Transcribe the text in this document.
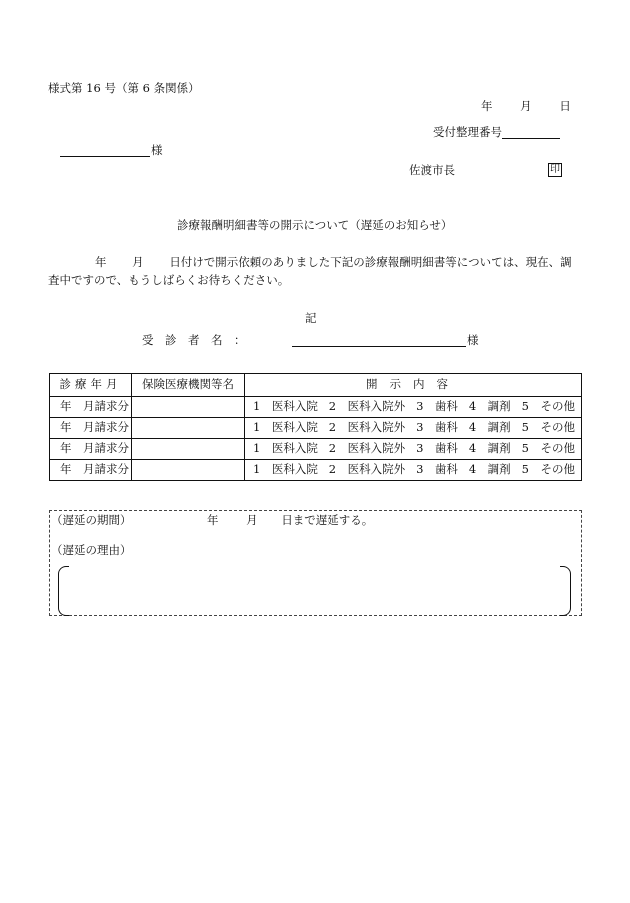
様式第 16 号（第 6 条関係）
年 月 日
受付整理番号
様
佐渡市長	印
診療報酬明細書等の開示について（遅延のお知らせ）
年 月 日付けで開示依頼のありました下記の診療報酬明細書等については、現在、調
査中ですので、もうしばらくお待ちください。
記
受　診　者　名　：	様
診療年月	保険医療機関等名	開示内容
年　月請求分		1　医科入院 2　医科入院外 3　歯科 4　調剤 5　その他

年　月請求分		1　医科入院 2　医科入院外 3　歯科 4　調剤 5　その他

年　月請求分		1　医科入院 2　医科入院外 3　歯科 4　調剤 5　その他

年　月請求分		1　医科入院 2　医科入院外 3　歯科 4　調剤 5　その他
（遅延の期間）	年 月 日まで遅延する。
（遅延の理由）
